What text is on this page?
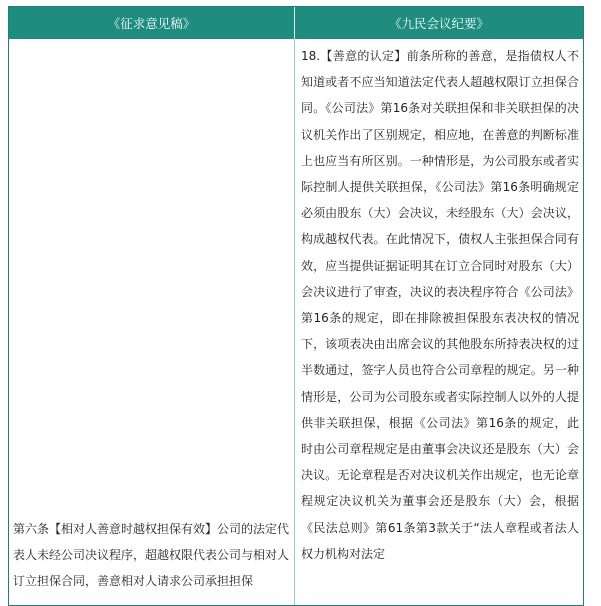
《征求意见稿》	《九民会议纪要》

第六条【相对人善意时越权担保有效】公司的法定代表人未经公司决议程序，超越权限代表公司与相对人订立担保合同，善意相对人请求公司承担担保

18.【善意的认定】前条所称的善意，是指债权人不知道或者不应当知道法定代表人超越权限订立担保合同。《公司法》第16条对关联担保和非关联担保的决议机关作出了区别规定，相应地，在善意的判断标准上也应当有所区别。一种情形是，为公司股东或者实际控制人提供关联担保，《公司法》第16条明确规定必须由股东（大）会决议，未经股东（大）会决议，构成越权代表。在此情况下，债权人主张担保合同有效，应当提供证据证明其在订立合同时对股东（大）会决议进行了审查，决议的表决程序符合《公司法》第16条的规定，即在排除被担保股东表决权的情况下，该项表决由出席会议的其他股东所持表决权的过半数通过，签字人员也符合公司章程的规定。另一种情形是，公司为公司股东或者实际控制人以外的人提供非关联担保，根据《公司法》第16条的规定，此时由公司章程规定是由董事会决议还是股东（大）会决议。无论章程是否对决议机关作出规定，也无论章程规定决议机关为董事会还是股东（大）会，根据《民法总则》第61条第3款关于“法人章程或者法人权力机构对法定
